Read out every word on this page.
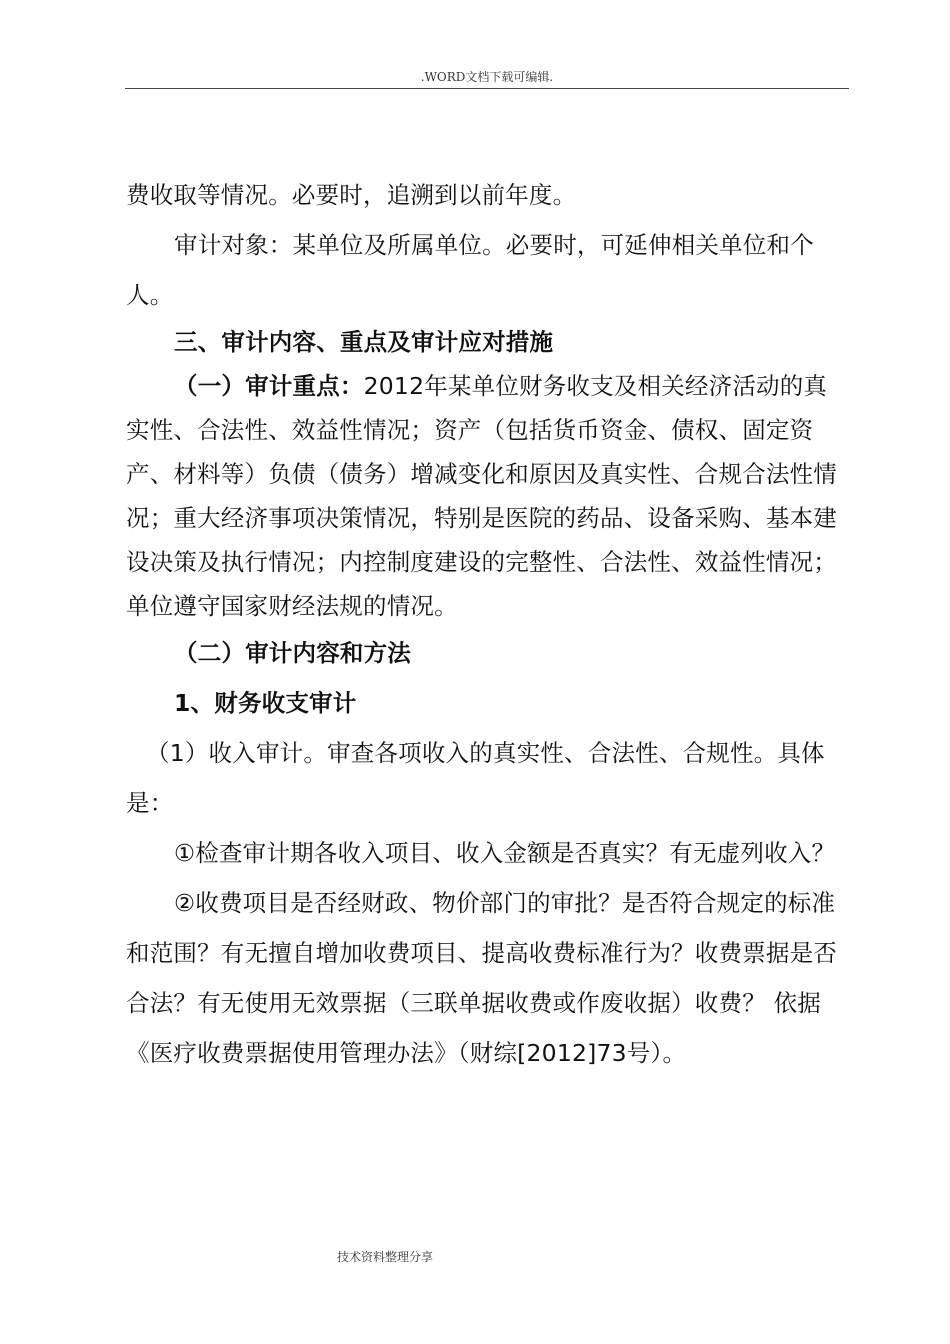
.WORD文档下载可编辑.

费收取等情况。必要时，追溯到以前年度。

审计对象：某单位及所属单位。必要时，可延伸相关单位和个人。

三、审计内容、重点及审计应对措施

（一）审计重点：2012年某单位财务收支及相关经济活动的真实性、合法性、效益性情况；资产（包括货币资金、债权、固定资产、材料等）负债（债务）增减变化和原因及真实性、合规合法性情况；重大经济事项决策情况，特别是医院的药品、设备采购、基本建设决策及执行情况；内控制度建设的完整性、合法性、效益性情况；单位遵守国家财经法规的情况。

（二）审计内容和方法

1、财务收支审计

（1）收入审计。审查各项收入的真实性、合法性、合规性。具体是：

①检查审计期各收入项目、收入金额是否真实？有无虚列收入？

②收费项目是否经财政、物价部门的审批？是否符合规定的标准和范围？有无擅自增加收费项目、提高收费标准行为？收费票据是否合法？有无使用无效票据（三联单据收费或作废收据）收费？ 依据《医疗收费票据使用管理办法》（财综[2012]73号）。

技术资料整理分享
